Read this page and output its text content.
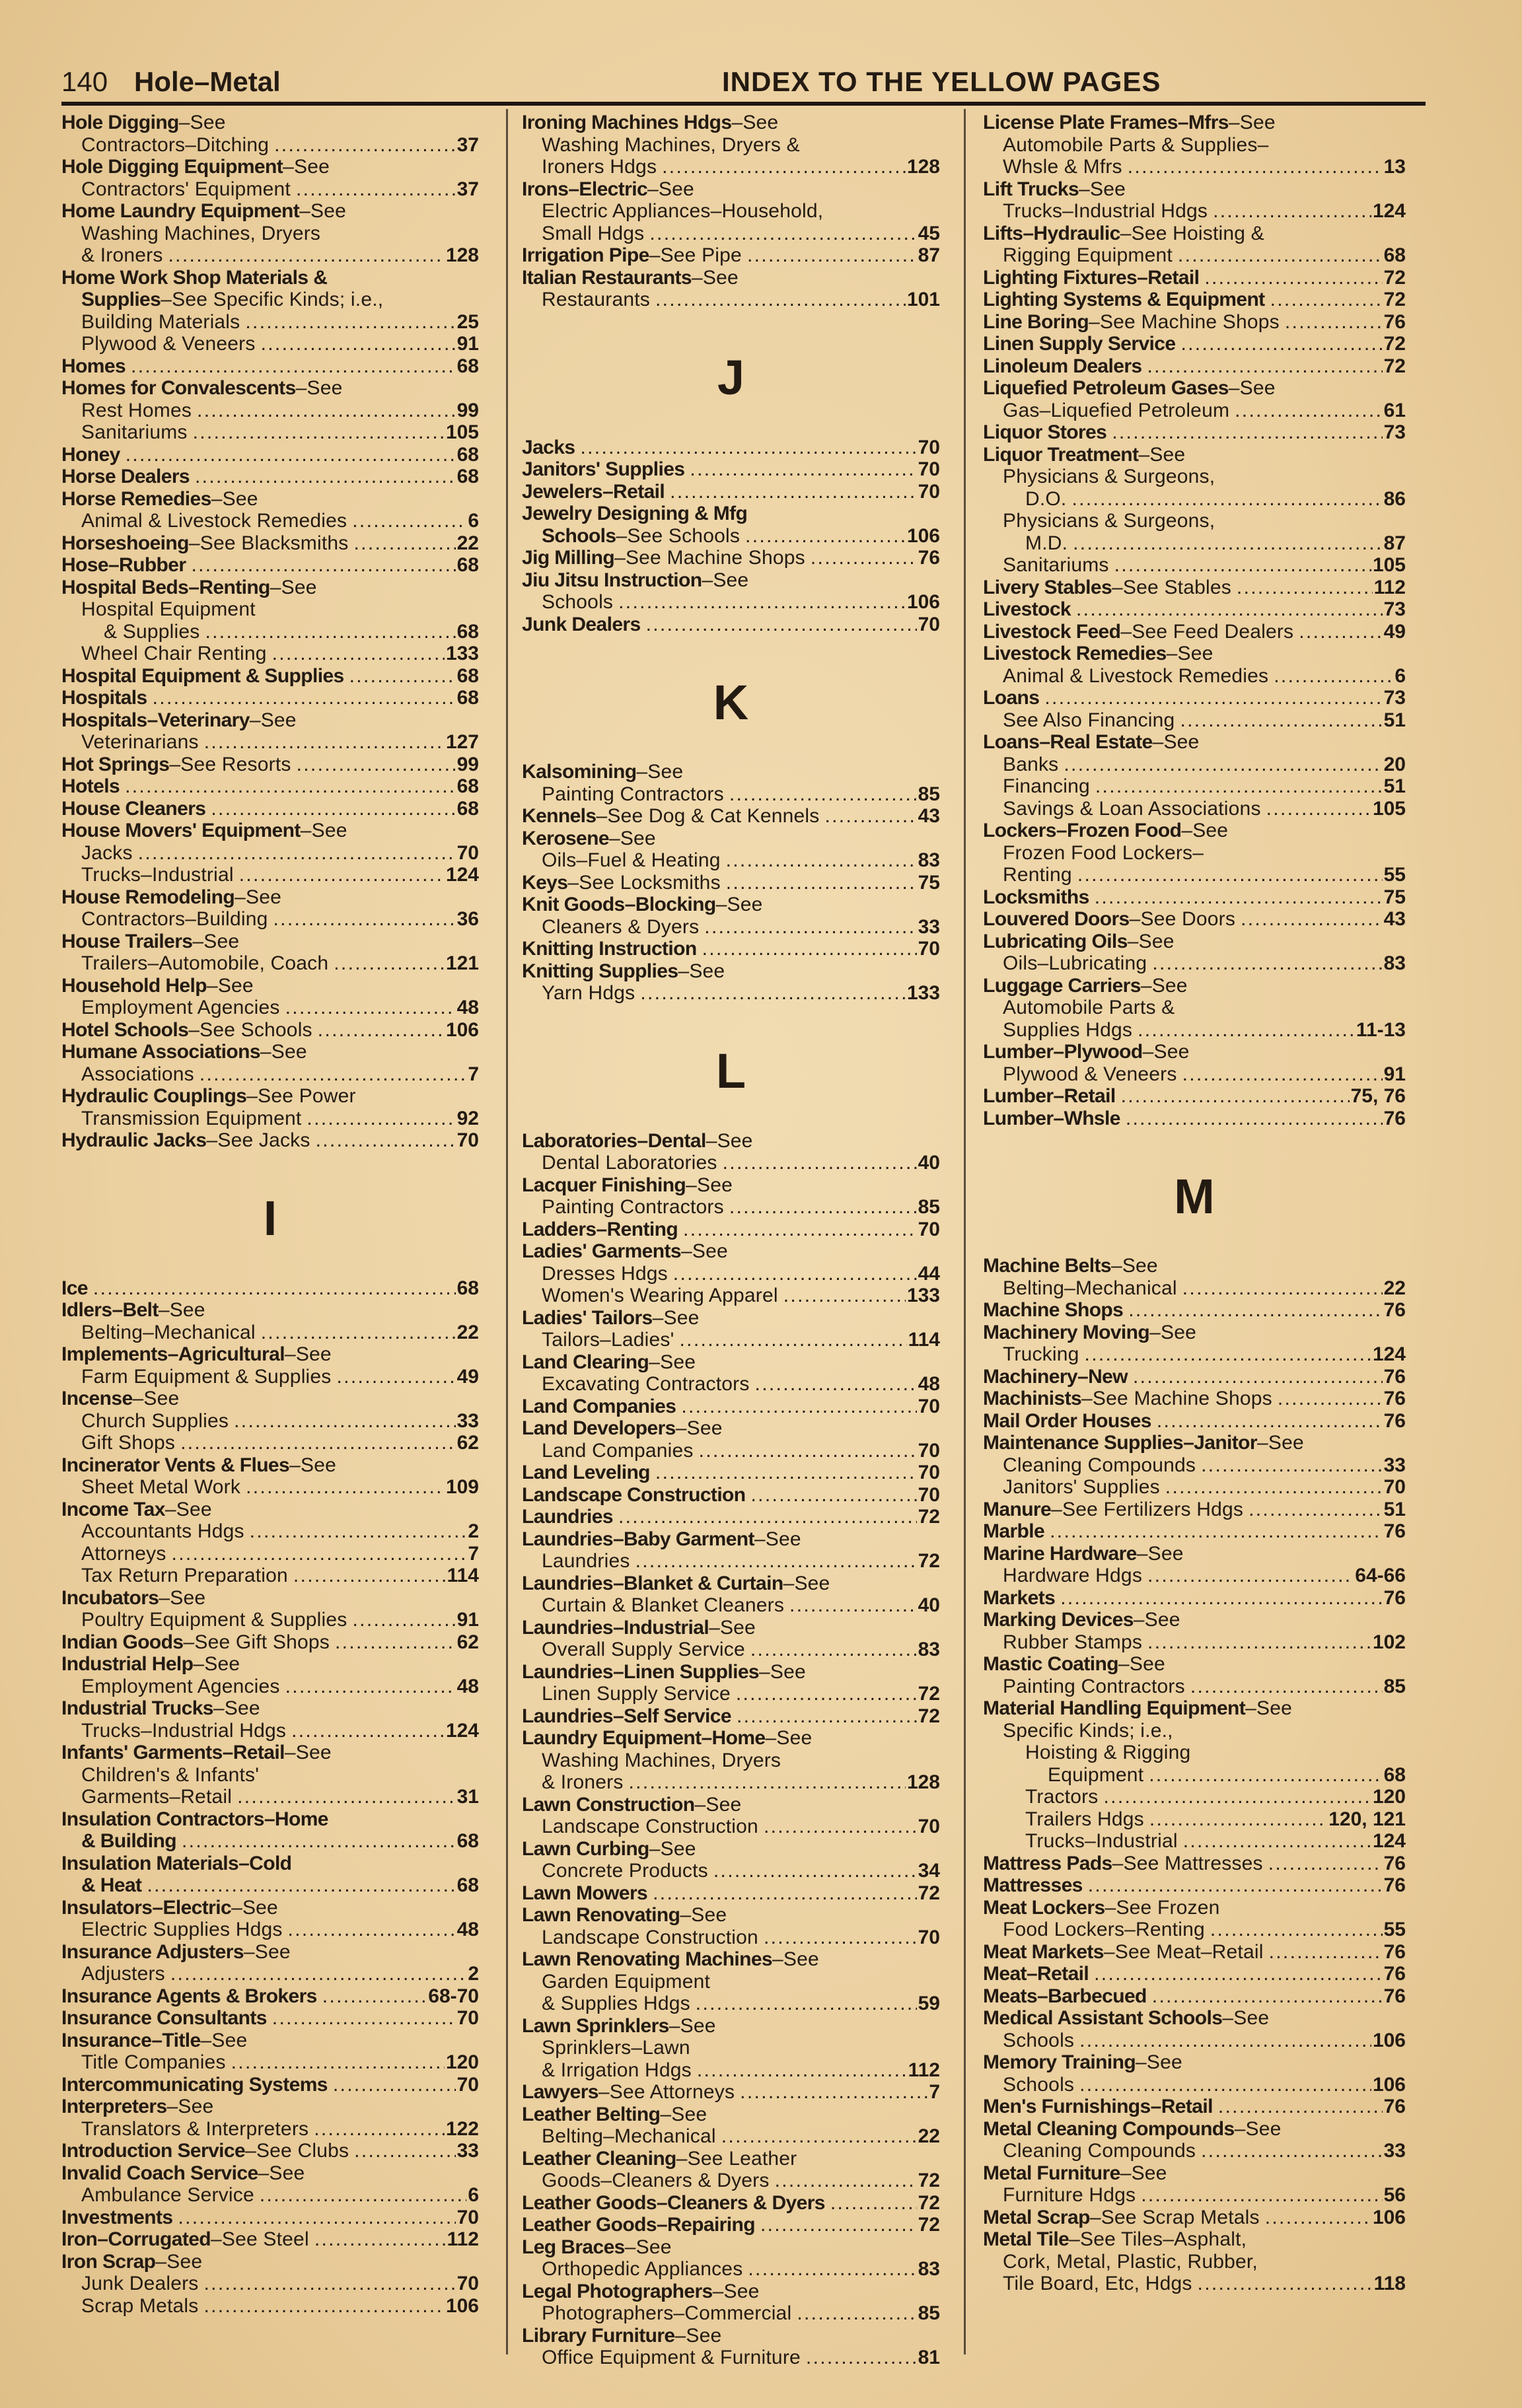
140 Hole–Metal	INDEX TO THE YELLOW PAGES
Hole Digging –See
Contractors–Ditching . . .	37
Hole Digging Equipment –See
Contractors' Equipment . . .	37
Home Laundry Equipment –See
Washing Machines, Dryers
& Ironers . . .	128
Home Work Shop Materials &
Supplies –See Specific Kinds; i.e.,
Building Materials . . .	25
Plywood & Veneers . . .	91
Homes . . .	68
Homes for Convalescents –See
Rest Homes . . .	99
Sanitariums . . .	105
Honey . . .	68
Horse Dealers . . .	68
Horse Remedies –See
Animal & Livestock Remedies . . .	6
Horseshoeing –See Blacksmiths . . .	22
Hose–Rubber . . .	68
Hospital Beds–Renting –See
Hospital Equipment
& Supplies . . .	68
Wheel Chair Renting . . .	133
Hospital Equipment & Supplies . . .	68
Hospitals . . .	68
Hospitals–Veterinary –See
Veterinarians . . .	127
Hot Springs –See Resorts . . .	99
Hotels . . .	68
House Cleaners . . .	68
House Movers' Equipment –See
Jacks . . .	70
Trucks–Industrial . . .	124
House Remodeling –See
Contractors–Building . . .	36
House Trailers –See
Trailers–Automobile, Coach . . .	121
Household Help –See
Employment Agencies . . .	48
Hotel Schools –See Schools . . .	106
Humane Associations –See
Associations . . .	7
Hydraulic Couplings –See Power
Transmission Equipment . . .	92
Hydraulic Jacks –See Jacks . . .	70
I
Ice . . .	68
Idlers–Belt –See
Belting–Mechanical . . .	22
Implements–Agricultural –See
Farm Equipment & Supplies . . .	49
Incense –See
Church Supplies . . .	33
Gift Shops . . .	62
Incinerator Vents & Flues –See
Sheet Metal Work . . .	109
Income Tax –See
Accountants Hdgs . . .	2
Attorneys . . .	7
Tax Return Preparation . . .	114
Incubators –See
Poultry Equipment & Supplies . . .	91
Indian Goods –See Gift Shops . . .	62
Industrial Help –See
Employment Agencies . . .	48
Industrial Trucks –See
Trucks–Industrial Hdgs . . .	124
Infants' Garments–Retail –See
Children's & Infants'
Garments–Retail . . .	31
Insulation Contractors–Home
& Building . . .	68
Insulation Materials–Cold
& Heat . . .	68
Insulators–Electric –See
Electric Supplies Hdgs . . .	48
Insurance Adjusters –See
Adjusters . . .	2
Insurance Agents & Brokers . . .	68-70
Insurance Consultants . . .	70
Insurance–Title –See
Title Companies . . .	120
Intercommunicating Systems . . .	70
Interpreters –See
Translators & Interpreters . . .	122
Introduction Service –See Clubs . . .	33
Invalid Coach Service –See
Ambulance Service . . .	6
Investments . . .	70
Iron–Corrugated –See Steel . . .	112
Iron Scrap –See
Junk Dealers . . .	70
Scrap Metals . . .	106
Ironing Machines Hdgs –See
Washing Machines, Dryers &
Ironers Hdgs . . .	128
Irons–Electric –See
Electric Appliances–Household,
Small Hdgs . . .	45
Irrigation Pipe –See Pipe . . .	87
Italian Restaurants –See
Restaurants . . .	101
J
Jacks . . .	70
Janitors' Supplies . . .	70
Jewelers–Retail . . .	70
Jewelry Designing & Mfg
Schools –See Schools . . .	106
Jig Milling –See Machine Shops . . .	76
Jiu Jitsu Instruction –See
Schools . . .	106
Junk Dealers . . .	70
K
Kalsomining –See
Painting Contractors . . .	85
Kennels –See Dog & Cat Kennels . . .	43
Kerosene –See
Oils–Fuel & Heating . . .	83
Keys –See Locksmiths . . .	75
Knit Goods–Blocking –See
Cleaners & Dyers . . .	33
Knitting Instruction . . .	70
Knitting Supplies –See
Yarn Hdgs . . .	133
L
Laboratories–Dental –See
Dental Laboratories . . .	40
Lacquer Finishing –See
Painting Contractors . . .	85
Ladders–Renting . . .	70
Ladies' Garments –See
Dresses Hdgs . . .	44
Women's Wearing Apparel . . .	133
Ladies' Tailors –See
Tailors–Ladies' . . .	114
Land Clearing –See
Excavating Contractors . . .	48
Land Companies . . .	70
Land Developers –See
Land Companies . . .	70
Land Leveling . . .	70
Landscape Construction . . .	70
Laundries . . .	72
Laundries–Baby Garment –See
Laundries . . .	72
Laundries–Blanket & Curtain –See
Curtain & Blanket Cleaners . . .	40
Laundries–Industrial –See
Overall Supply Service . . .	83
Laundries–Linen Supplies –See
Linen Supply Service . . .	72
Laundries–Self Service . . .	72
Laundry Equipment–Home –See
Washing Machines, Dryers
& Ironers . . .	128
Lawn Construction –See
Landscape Construction . . .	70
Lawn Curbing –See
Concrete Products . . .	34
Lawn Mowers . . .	72
Lawn Renovating –See
Landscape Construction . . .	70
Lawn Renovating Machines –See
Garden Equipment
& Supplies Hdgs . . .	59
Lawn Sprinklers –See
Sprinklers–Lawn
& Irrigation Hdgs . . .	112
Lawyers –See Attorneys . . .	7
Leather Belting –See
Belting–Mechanical . . .	22
Leather Cleaning –See Leather
Goods–Cleaners & Dyers . . .	72
Leather Goods–Cleaners & Dyers . . .	72
Leather Goods–Repairing . . .	72
Leg Braces –See
Orthopedic Appliances . . .	83
Legal Photographers –See
Photographers–Commercial . . .	85
Library Furniture –See
Office Equipment & Furniture . . .	81
License Plate Frames–Mfrs –See
Automobile Parts & Supplies–
Whsle & Mfrs . . .	13
Lift Trucks –See
Trucks–Industrial Hdgs . . .	124
Lifts–Hydraulic –See Hoisting &
Rigging Equipment . . .	68
Lighting Fixtures–Retail . . .	72
Lighting Systems & Equipment . . .	72
Line Boring –See Machine Shops . . .	76
Linen Supply Service . . .	72
Linoleum Dealers . . .	72
Liquefied Petroleum Gases –See
Gas–Liquefied Petroleum . . .	61
Liquor Stores . . .	73
Liquor Treatment –See
Physicians & Surgeons,
D.O. . . .	86
Physicians & Surgeons,
M.D. . . .	87
Sanitariums . . .	105
Livery Stables –See Stables . . .	112
Livestock . . .	73
Livestock Feed –See Feed Dealers . . .	49
Livestock Remedies –See
Animal & Livestock Remedies . . .	6
Loans . . .	73
See Also Financing . . .	51
Loans–Real Estate –See
Banks . . .	20
Financing . . .	51
Savings & Loan Associations . . .	105
Lockers–Frozen Food –See
Frozen Food Lockers–
Renting . . .	55
Locksmiths . . .	75
Louvered Doors –See Doors . . .	43
Lubricating Oils –See
Oils–Lubricating . . .	83
Luggage Carriers –See
Automobile Parts &
Supplies Hdgs . . .	11-13
Lumber–Plywood –See
Plywood & Veneers . . .	91
Lumber–Retail . . .	75, 76
Lumber–Whsle . . .	76
M
Machine Belts –See
Belting–Mechanical . . .	22
Machine Shops . . .	76
Machinery Moving –See
Trucking . . .	124
Machinery–New . . .	76
Machinists –See Machine Shops . . .	76
Mail Order Houses . . .	76
Maintenance Supplies–Janitor –See
Cleaning Compounds . . .	33
Janitors' Supplies . . .	70
Manure –See Fertilizers Hdgs . . .	51
Marble . . .	76
Marine Hardware –See
Hardware Hdgs . . .	64-66
Markets . . .	76
Marking Devices –See
Rubber Stamps . . .	102
Mastic Coating –See
Painting Contractors . . .	85
Material Handling Equipment –See
Specific Kinds; i.e.,
Hoisting & Rigging
Equipment . . .	68
Tractors . . .	120
Trailers Hdgs . . .	120, 121
Trucks–Industrial . . .	124
Mattress Pads –See Mattresses . . .	76
Mattresses . . .	76
Meat Lockers –See Frozen
Food Lockers–Renting . . .	55
Meat Markets –See Meat–Retail . . .	76
Meat–Retail . . .	76
Meats–Barbecued . . .	76
Medical Assistant Schools –See
Schools . . .	106
Memory Training –See
Schools . . .	106
Men's Furnishings–Retail . . .	76
Metal Cleaning Compounds –See
Cleaning Compounds . . .	33
Metal Furniture –See
Furniture Hdgs . . .	56
Metal Scrap –See Scrap Metals . . .	106
Metal Tile –See Tiles–Asphalt,
Cork, Metal, Plastic, Rubber,
Tile Board, Etc, Hdgs . . .	118
